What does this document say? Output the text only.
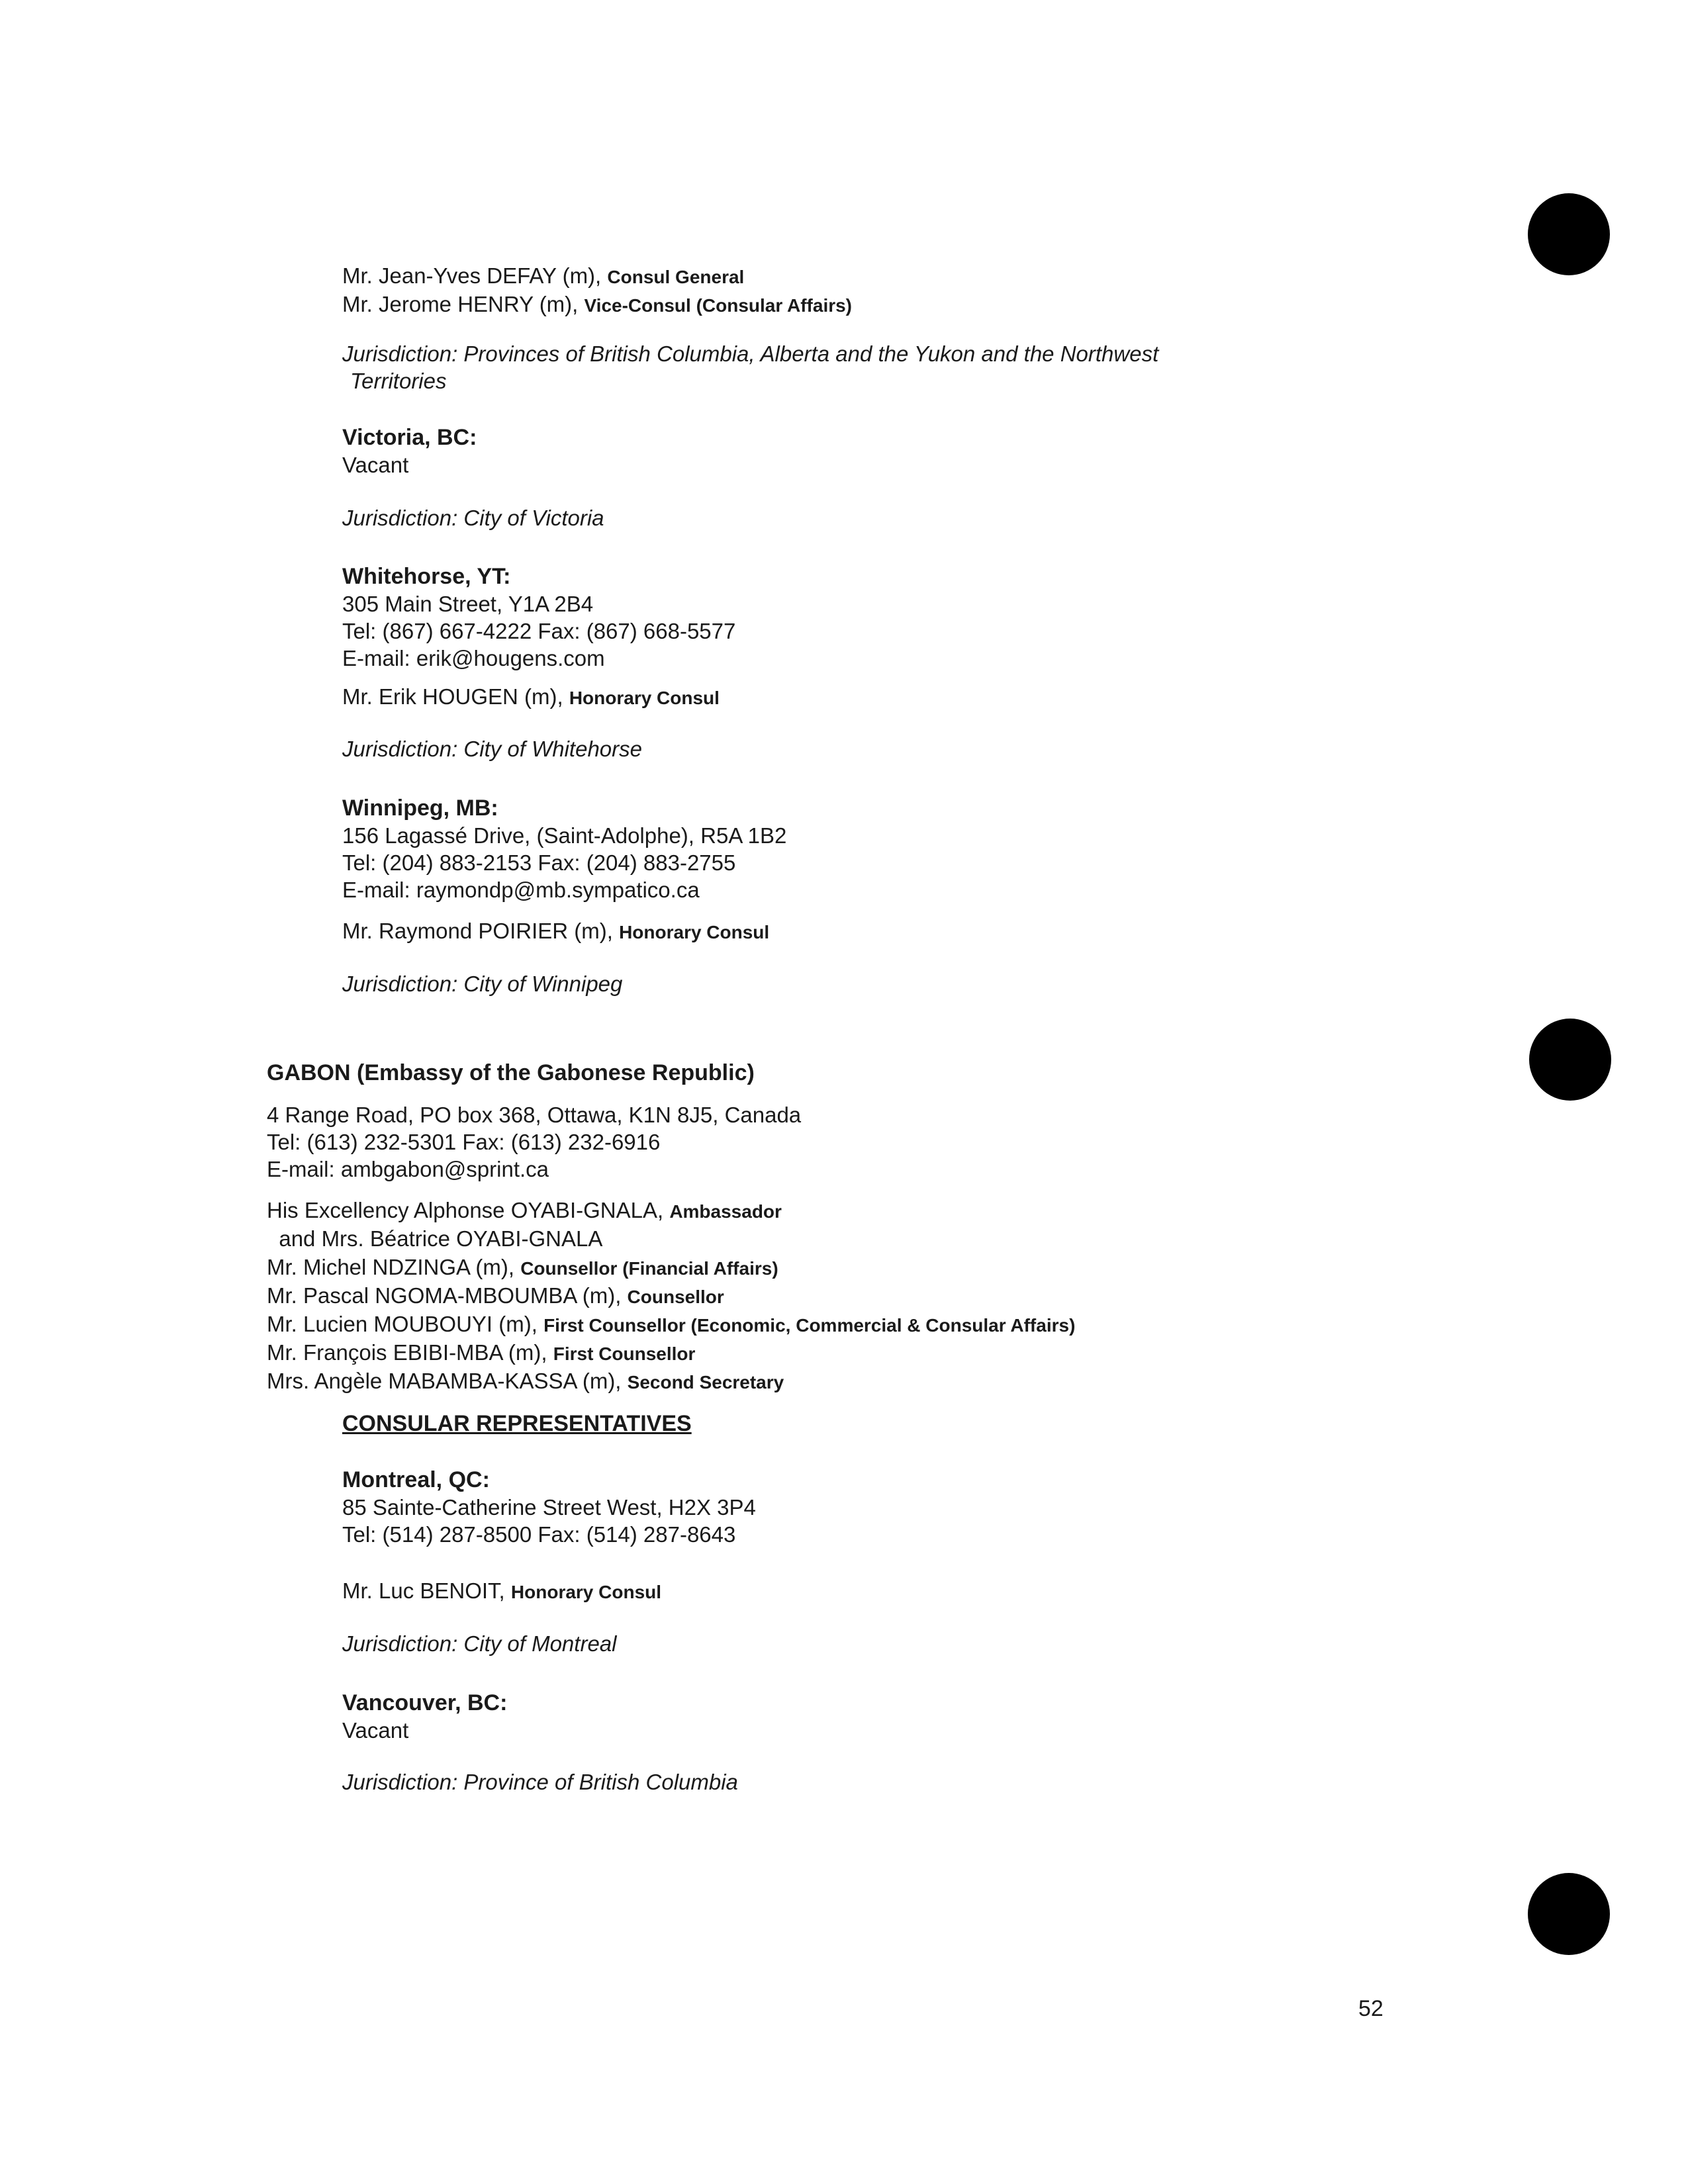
Mr. Jean-Yves DEFAY (m), Consul General
Mr. Jerome HENRY (m), Vice-Consul (Consular Affairs)
Jurisdiction: Provinces of British Columbia, Alberta and the Yukon and the Northwest
Territories
Victoria, BC:
Vacant
Jurisdiction: City of Victoria
Whitehorse, YT:
305 Main Street, Y1A 2B4
Tel: (867) 667-4222 Fax: (867) 668-5577
E-mail: erik@hougens.com
Mr. Erik HOUGEN (m), Honorary Consul
Jurisdiction: City of Whitehorse
Winnipeg, MB:
156 Lagassé Drive, (Saint-Adolphe), R5A 1B2
Tel: (204) 883-2153 Fax: (204) 883-2755
E-mail: raymondp@mb.sympatico.ca
Mr. Raymond POIRIER (m), Honorary Consul
Jurisdiction: City of Winnipeg
GABON (Embassy of the Gabonese Republic)
4 Range Road, PO box 368, Ottawa, K1N 8J5, Canada
Tel: (613) 232-5301 Fax: (613) 232-6916
E-mail: ambgabon@sprint.ca
His Excellency Alphonse OYABI-GNALA, Ambassador
and Mrs. Béatrice OYABI-GNALA
Mr. Michel NDZINGA (m), Counsellor (Financial Affairs)
Mr. Pascal NGOMA-MBOUMBA (m), Counsellor
Mr. Lucien MOUBOUYI (m), First Counsellor (Economic, Commercial & Consular Affairs)
Mr. François EBIBI-MBA (m), First Counsellor
Mrs. Angèle MABAMBA-KASSA (m), Second Secretary
CONSULAR REPRESENTATIVES
Montreal, QC:
85 Sainte-Catherine Street West, H2X 3P4
Tel: (514) 287-8500 Fax: (514) 287-8643
Mr. Luc BENOIT, Honorary Consul
Jurisdiction: City of Montreal
Vancouver, BC:
Vacant
Jurisdiction: Province of British Columbia
52
